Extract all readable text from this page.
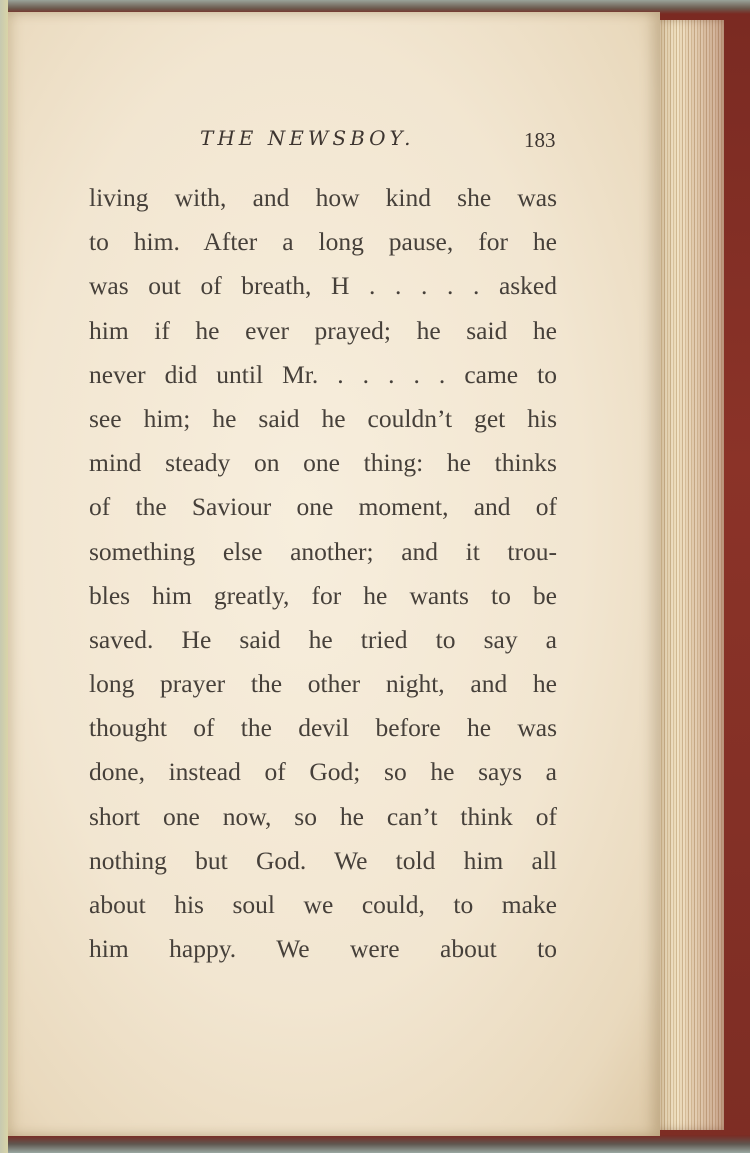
THE NEWSBOY.	183
living with, and how kind she was
to him. After a long pause, for he
was out of breath, H . . . . . asked
him if he ever prayed; he said he
never did until Mr. . . . . . came to
see him; he said he couldn’t get his
mind steady on one thing: he thinks
of the Saviour one moment, and of
something else another; and it trou-
bles him greatly, for he wants to be
saved. He said he tried to say a
long prayer the other night, and he
thought of the devil before he was
done, instead of God; so he says a
short one now, so he can’t think of
nothing but God. We told him all
about his soul we could, to make
him happy. We were about to
